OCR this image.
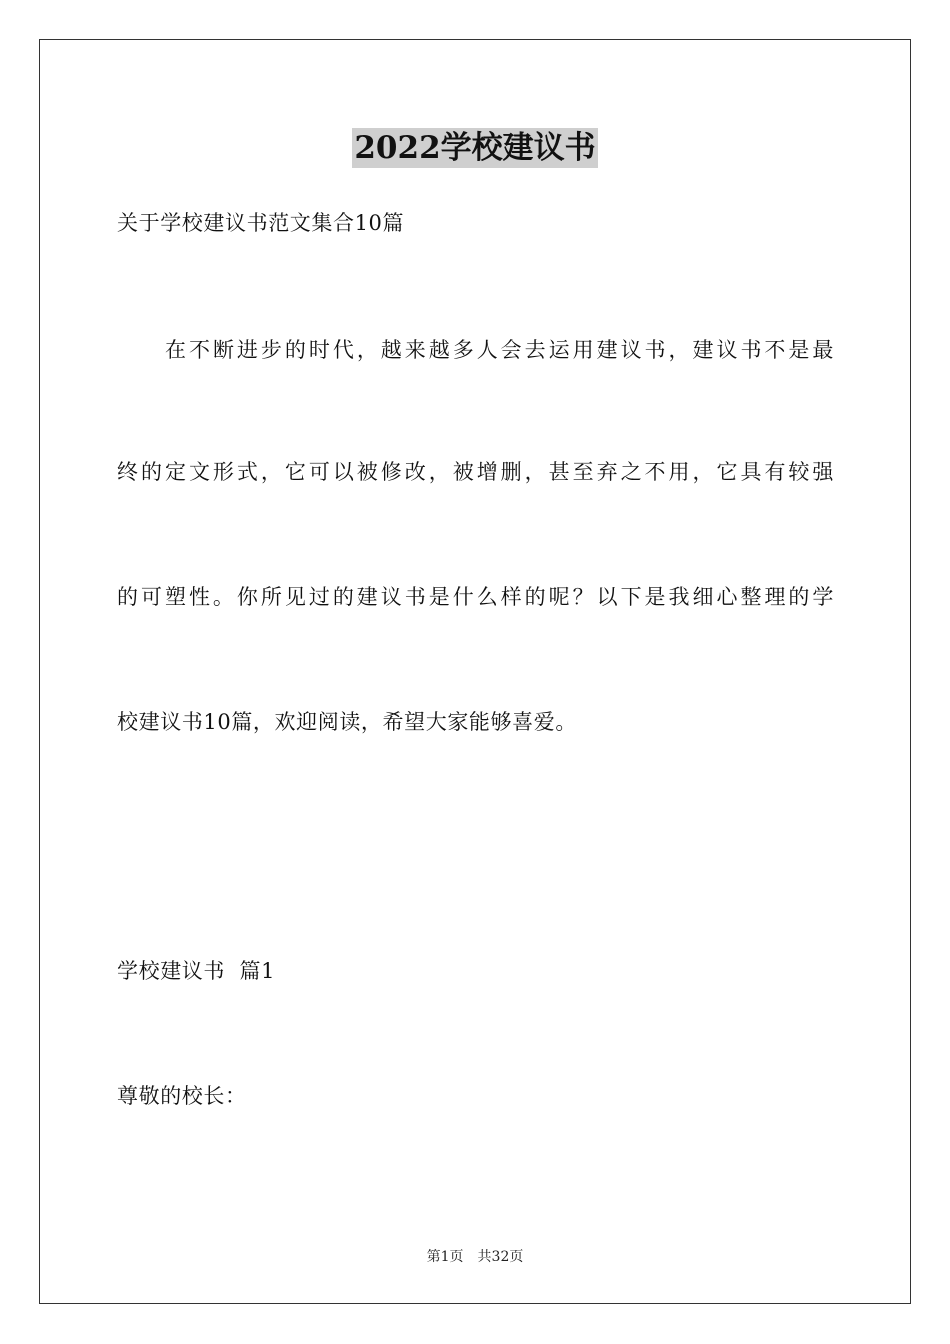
2022学校建议书
关于学校建议书范文集合10篇
在不断进步的时代，越来越多人会去运用建议书，建议书不是最
终的定文形式，它可以被修改，被增删，甚至弃之不用，它具有较强
的可塑性。你所见过的建议书是什么样的呢？以下是我细心整理的学
校建议书10篇，欢迎阅读，希望大家能够喜爱。
学校建议书  篇1
尊敬的校长：
第1页 共32页
